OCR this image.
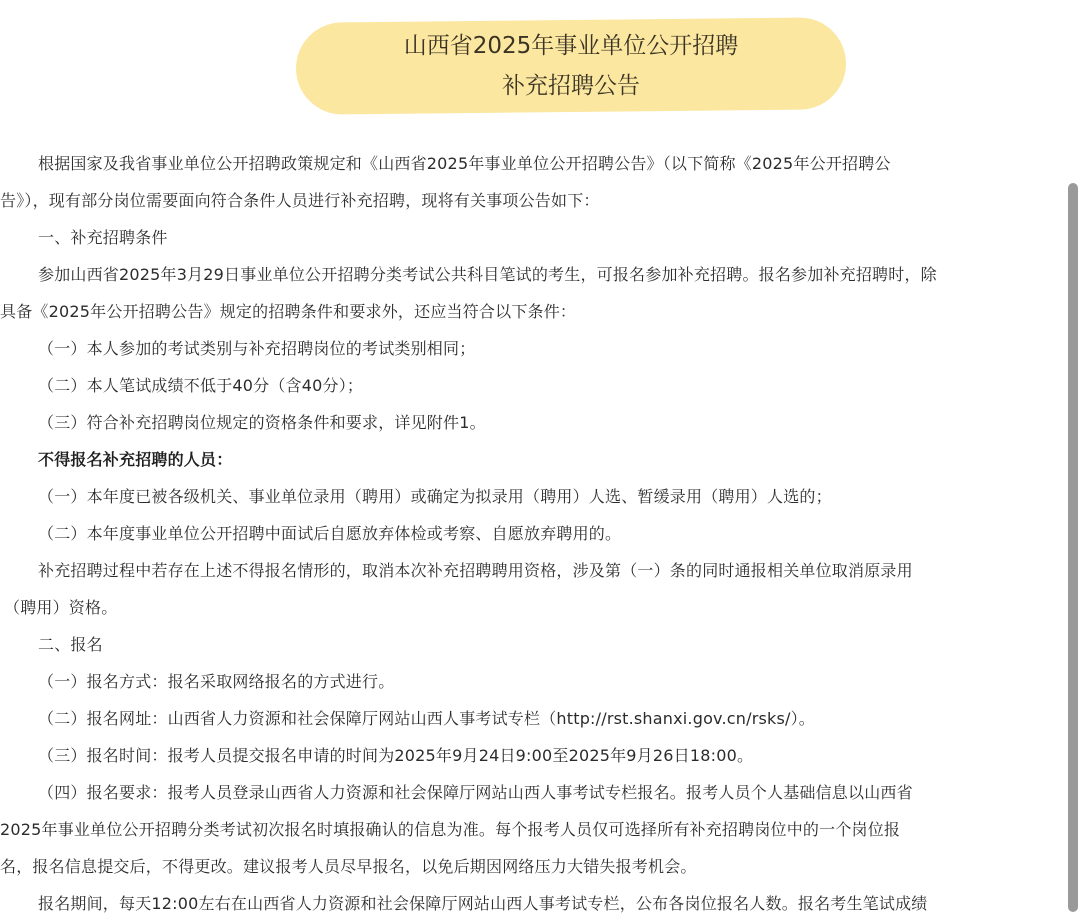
山西省2025年事业单位公开招聘
补充招聘公告
根据国家及我省事业单位公开招聘政策规定和《山西省2025年事业单位公开招聘公告》（以下简称《2025年公开招聘公
告》），现有部分岗位需要面向符合条件人员进行补充招聘，现将有关事项公告如下：
一、补充招聘条件
参加山西省2025年3月29日事业单位公开招聘分类考试公共科目笔试的考生，可报名参加补充招聘。报名参加补充招聘时，除
具备《2025年公开招聘公告》规定的招聘条件和要求外，还应当符合以下条件：
（一）本人参加的考试类别与补充招聘岗位的考试类别相同；
（二）本人笔试成绩不低于40分（含40分）；
（三）符合补充招聘岗位规定的资格条件和要求，详见附件1。
不得报名补充招聘的人员：
（一）本年度已被各级机关、事业单位录用（聘用）或确定为拟录用（聘用）人选、暂缓录用（聘用）人选的；
（二）本年度事业单位公开招聘中面试后自愿放弃体检或考察、自愿放弃聘用的。
补充招聘过程中若存在上述不得报名情形的，取消本次补充招聘聘用资格，涉及第（一）条的同时通报相关单位取消原录用
（聘用）资格。
二、报名
（一）报名方式：报名采取网络报名的方式进行。
（二）报名网址：山西省人力资源和社会保障厅网站山西人事考试专栏（http://rst.shanxi.gov.cn/rsks/）。
（三）报名时间：报考人员提交报名申请的时间为2025年9月24日9:00至2025年9月26日18:00。
（四）报名要求：报考人员登录山西省人力资源和社会保障厅网站山西人事考试专栏报名。报考人员个人基础信息以山西省
2025年事业单位公开招聘分类考试初次报名时填报确认的信息为准。每个报考人员仅可选择所有补充招聘岗位中的一个岗位报
名，报名信息提交后，不得更改。建议报考人员尽早报名，以免后期因网络压力大错失报考机会。
报名期间，每天12:00左右在山西省人力资源和社会保障厅网站山西人事考试专栏，公布各岗位报名人数。报名考生笔试成绩
